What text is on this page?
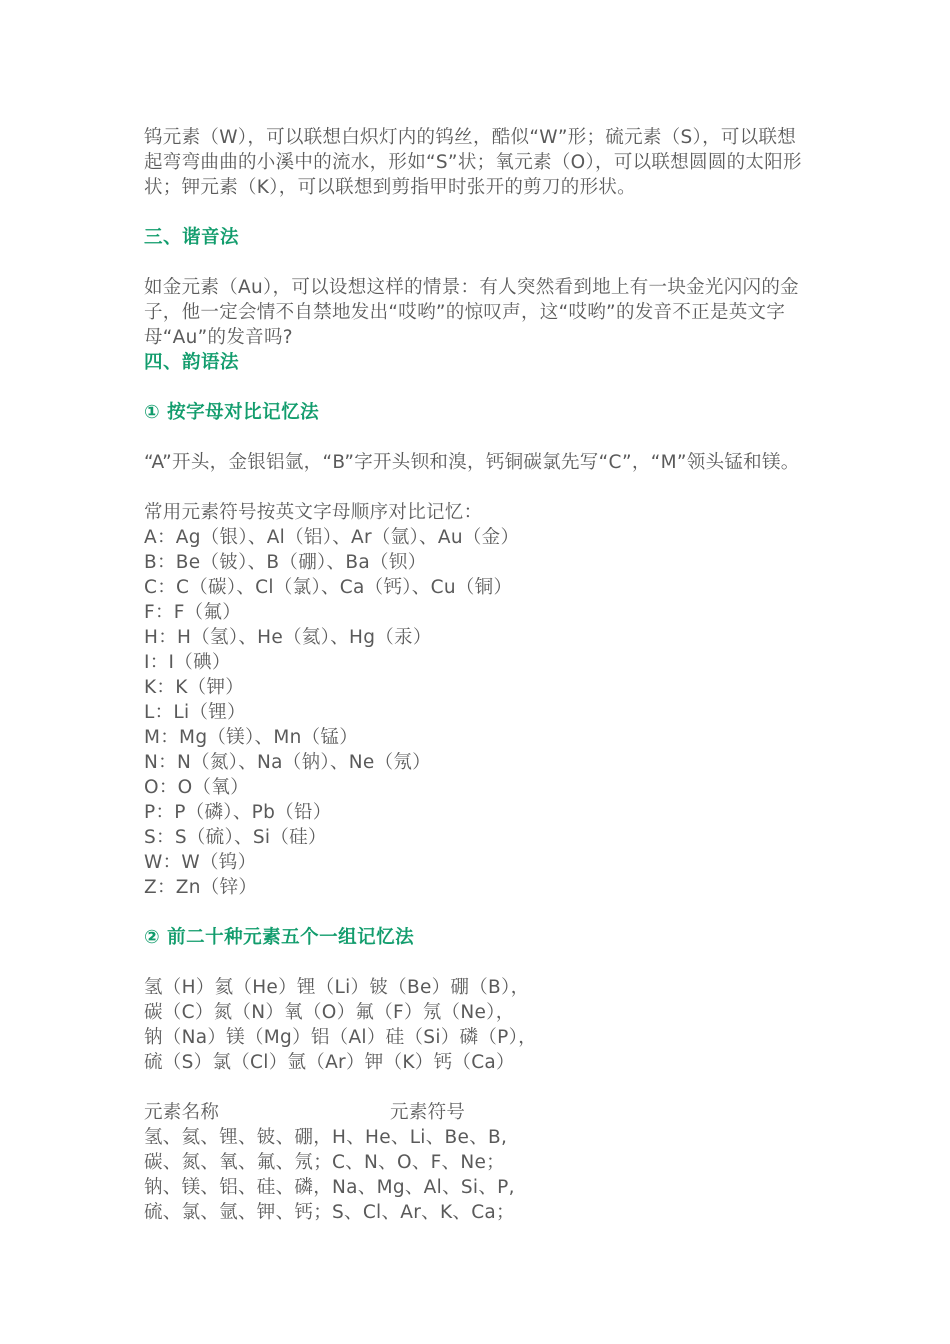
钨元素（W），可以联想白炽灯内的钨丝，酷似“W”形；硫元素（S），可以联想起弯弯曲曲的小溪中的流水，形如“S”状；氧元素（O），可以联想圆圆的太阳形状；钾元素（K），可以联想到剪指甲时张开的剪刀的形状。

三、谐音法

如金元素（Au），可以设想这样的情景：有人突然看到地上有一块金光闪闪的金子，他一定会情不自禁地发出“哎哟”的惊叹声，这“哎哟”的发音不正是英文字母“Au”的发音吗?

四、韵语法

① 按字母对比记忆法

“A”开头，金银铝氩，“B”字开头钡和溴，钙铜碳氯先写“C”，“M”领头锰和镁。

常用元素符号按英文字母顺序对比记忆：

A：Ag（银）、Al（铝）、Ar（氩）、Au（金）
B：Be（铍）、B（硼）、Ba（钡）
C：C（碳）、Cl（氯）、Ca（钙）、Cu（铜）
F：F（氟）
H：H（氢）、He（氦）、Hg（汞）
I：I（碘）
K：K（钾）
L：Li（锂）
M：Mg（镁）、Mn（锰）
N：N（氮）、Na（钠）、Ne（氖）
O：O（氧）
P：P（磷）、Pb（铅）
S：S（硫）、Si（硅）
W：W（钨）
Z：Zn（锌）

② 前二十种元素五个一组记忆法

氢（H）氦（He）锂（Li）铍（Be）硼（B），
碳（C）氮（N）氧（O）氟（F）氖（Ne），
钠（Na）镁（Mg）铝（Al）硅（Si）磷（P），
硫（S）氯（Cl）氩（Ar）钾（K）钙（Ca）
元素名称	元素符号
氢、氦、锂、铍、硼，H、He、Li、Be、B,
碳、氮、氧、氟、氖；C、N、O、F、Ne；
钠、镁、铝、硅、磷，Na、Mg、Al、Si、P,
硫、氯、氩、钾、钙；S、Cl、Ar、K、Ca；
